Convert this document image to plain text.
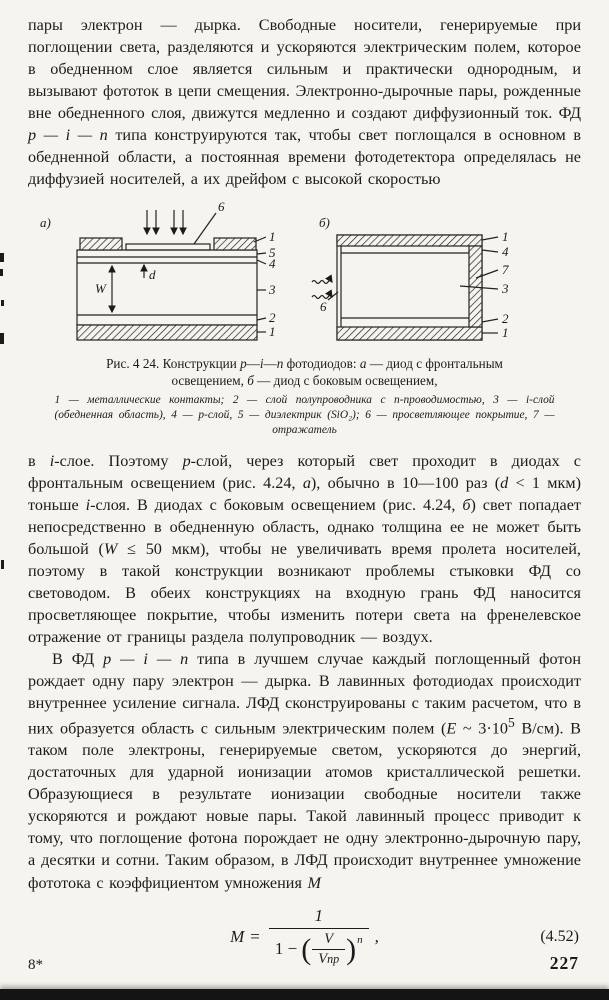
пары электрон — дырка. Свободные носители, генерируемые при поглощении света, разделяются и ускоряются электрическим полем, которое в обедненном слое является сильным и практически однородным, и вызывают фототок в цепи смещения. Электронно-дырочные пары, рожденные вне обедненного слоя, движутся медленно и создают диффузионный ток. ФД p — i — n типа конструируются так, чтобы свет поглощался в основном в обедненной области, а постоянная времени фотодетектора определялась не диффузией носителей, а их дрейфом с высокой скоростью

а)
6
W
d
1
5
4
3
2
1
б)
6
1
4
7
3
2
1
Рис. 4 24. Конструкции p—i—n фотодиодов: а — диод с фронтальным освещением, б — диод с боковым освещением,
1 — металлические контакты; 2 — слой полупроводника с n-проводимостью, 3 — i-слой (обедненная область), 4 — p-слой, 5 — диэлектрик (SiO₂); 6 — просветляющее покрытие, 7 — отражатель

в i-слое. Поэтому p-слой, через который свет проходит в диодах с фронтальным освещением (рис. 4.24, а), обычно в 10—100 раз (d < 1 мкм) тоньше i-слоя. В диодах с боковым освещением (рис. 4.24, б) свет попадает непосредственно в обедненную область, однако толщина ее не может быть большой (W ≤ 50 мкм), чтобы не увеличивать время пролета носителей, поэтому в такой конструкции возникают проблемы стыковки ФД со световодом. В обеих конструкциях на входную грань ФД наносится просветляющее покрытие, чтобы изменить потери света на френелевское отражение от границы раздела полупроводник — воздух.

В ФД p — i — n типа в лучшем случае каждый поглощенный фотон рождает одну пару электрон — дырка. В лавинных фотодиодах происходит внутреннее усиление сигнала. ЛФД сконструированы с таким расчетом, что в них образуется область с сильным электрическим полем (E ~ $3\cdot 10^5$ В/см). В таком поле электроны, генерируемые светом, ускоряются до энергий, достаточных для ударной ионизации атомов кристаллической решетки. Образующиеся в результате ионизации свободные носители также ускоряются и рождают новые пары. Такой лавинный процесс приводит к тому, что поглощение фотона порождает не одну электронно-дырочную пару, а десятки и сотни. Таким образом, в ЛФД происходит внутреннее умножение фототока с коэффициентом умножения M

M =
1
1 − ( $\frac{V}{\text{V пр}}$ ) n ,	(4.52)
8*	227
